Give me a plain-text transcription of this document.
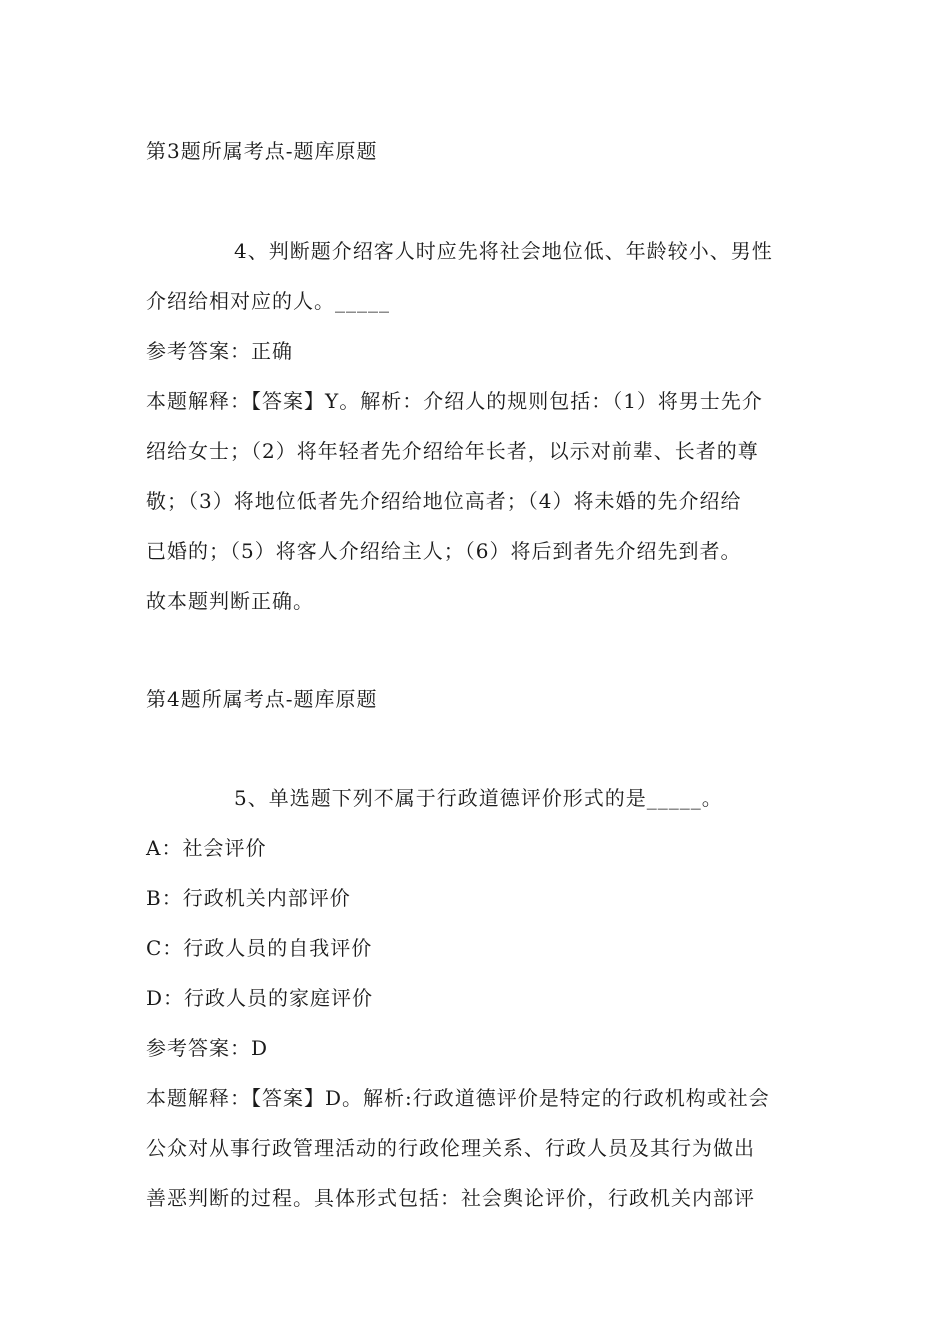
第3题所属考点-题库原题
4、判断题介绍客人时应先将社会地位低、年龄较小、男性
介绍给相对应的人。_____
参考答案：正确
本题解释：【答案】Y。解析：介绍人的规则包括：（1）将男士先介
绍给女士；（2）将年轻者先介绍给年长者，以示对前辈、长者的尊
敬；（3）将地位低者先介绍给地位高者；（4）将未婚的先介绍给
已婚的；（5）将客人介绍给主人；（6）将后到者先介绍先到者。
故本题判断正确。
第4题所属考点-题库原题
5、单选题下列不属于行政道德评价形式的是_____。
A：社会评价
B：行政机关内部评价
C：行政人员的自我评价
D：行政人员的家庭评价
参考答案：D
本题解释：【答案】D。解析:行政道德评价是特定的行政机构或社会
公众对从事行政管理活动的行政伦理关系、行政人员及其行为做出
善恶判断的过程。具体形式包括：社会舆论评价，行政机关内部评
